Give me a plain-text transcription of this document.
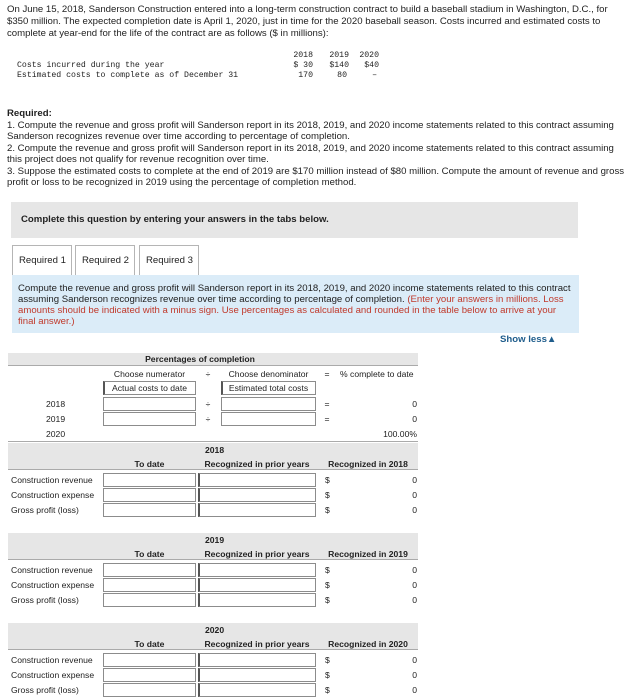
On June 15, 2018, Sanderson Construction entered into a long-term construction contract to build a baseball stadium in Washington, D.C., for $350 million. The expected completion date is April 1, 2020, just in time for the 2020 baseball season. Costs incurred and estimated costs to complete at year-end for the life of the contract are as follows ($ in millions):
2018	2019	2020
Costs incurred during the year	$ 30	$140	$40
Estimated costs to complete as of December 31	170	80	–
Required:
1. Compute the revenue and gross profit will Sanderson report in its 2018, 2019, and 2020 income statements related to this contract assuming Sanderson recognizes revenue over time according to percentage of completion.
2. Compute the revenue and gross profit will Sanderson report in its 2018, 2019, and 2020 income statements related to this contract assuming this project does not qualify for revenue recognition over time.
3. Suppose the estimated costs to complete at the end of 2019 are $170 million instead of $80 million. Compute the amount of revenue and gross profit or loss to be recognized in 2019 using the percentage of completion method.
Complete this question by entering your answers in the tabs below.
Required 1	Required 2	Required 3
Compute the revenue and gross profit will Sanderson report in its 2018, 2019, and 2020 income statements related to this contract assuming Sanderson recognizes revenue over time according to percentage of completion. (Enter your answers in millions. Loss amounts should be indicated with a minus sign. Use percentages as calculated and rounded in the table below to arrive at your final answer.)
Show less▲
Percentages of completion
Choose numerator	÷	Choose denominator	=	% complete to date
Actual costs to date	Estimated total costs
2018	÷	=	0
2019	÷	=	0
2020	100.00%
2018
To date	Recognized in prior years	Recognized in 2018
Construction revenue	$	0
Construction expense	$	0
Gross profit (loss)	$	0
2019
To date	Recognized in prior years	Recognized in 2019
Construction revenue	$	0
Construction expense	$	0
Gross profit (loss)	$	0
2020
To date	Recognized in prior years	Recognized in 2020
Construction revenue	$	0
Construction expense	$	0
Gross profit (loss)	$	0
